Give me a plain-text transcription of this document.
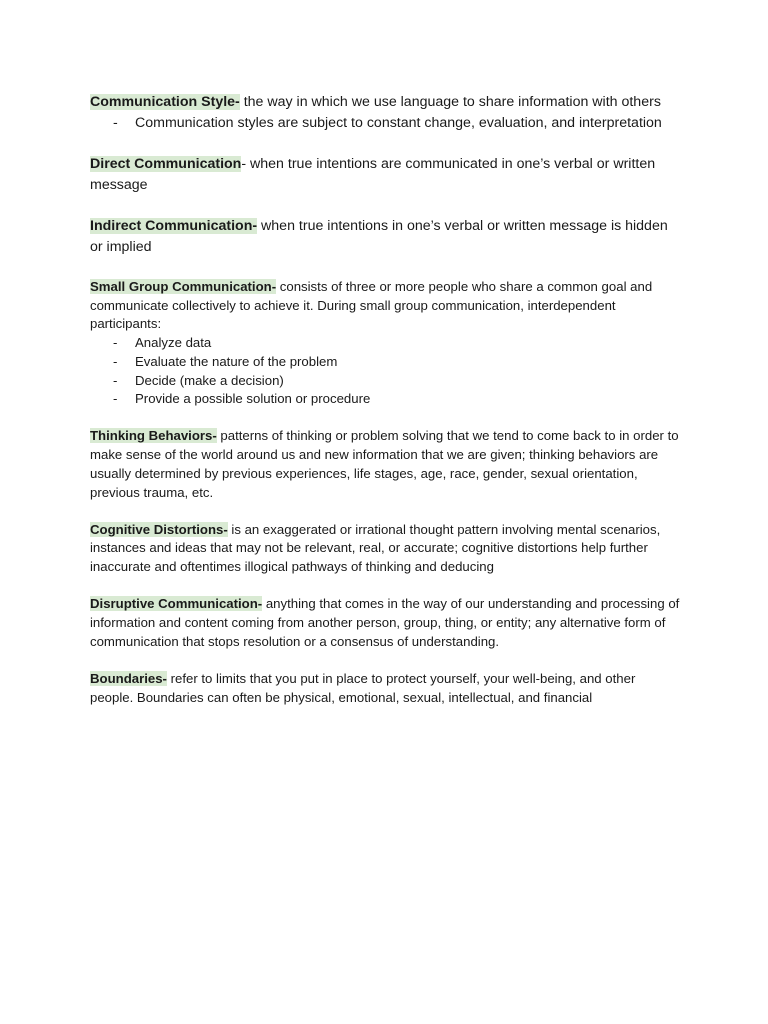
Communication Style- the way in which we use language to share information with others

- Communication styles are subject to constant change, evaluation, and interpretation

Direct Communication- when true intentions are communicated in one’s verbal or written message

Indirect Communication- when true intentions in one’s verbal or written message is hidden or implied

Small Group Communication- consists of three or more people who share a common goal and communicate collectively to achieve it. During small group communication, interdependent participants:

- Analyze data
- Evaluate the nature of the problem
- Decide (make a decision)
- Provide a possible solution or procedure

Thinking Behaviors- patterns of thinking or problem solving that we tend to come back to in order to make sense of the world around us and new information that we are given; thinking behaviors are usually determined by previous experiences, life stages, age, race, gender, sexual orientation, previous trauma, etc.

Cognitive Distortions- is an exaggerated or irrational thought pattern involving mental scenarios, instances and ideas that may not be relevant, real, or accurate; cognitive distortions help further inaccurate and oftentimes illogical pathways of thinking and deducing

Disruptive Communication- anything that comes in the way of our understanding and processing of information and content coming from another person, group, thing, or entity; any alternative form of communication that stops resolution or a consensus of understanding.

Boundaries- refer to limits that you put in place to protect yourself, your well-being, and other people. Boundaries can often be physical, emotional, sexual, intellectual, and financial
